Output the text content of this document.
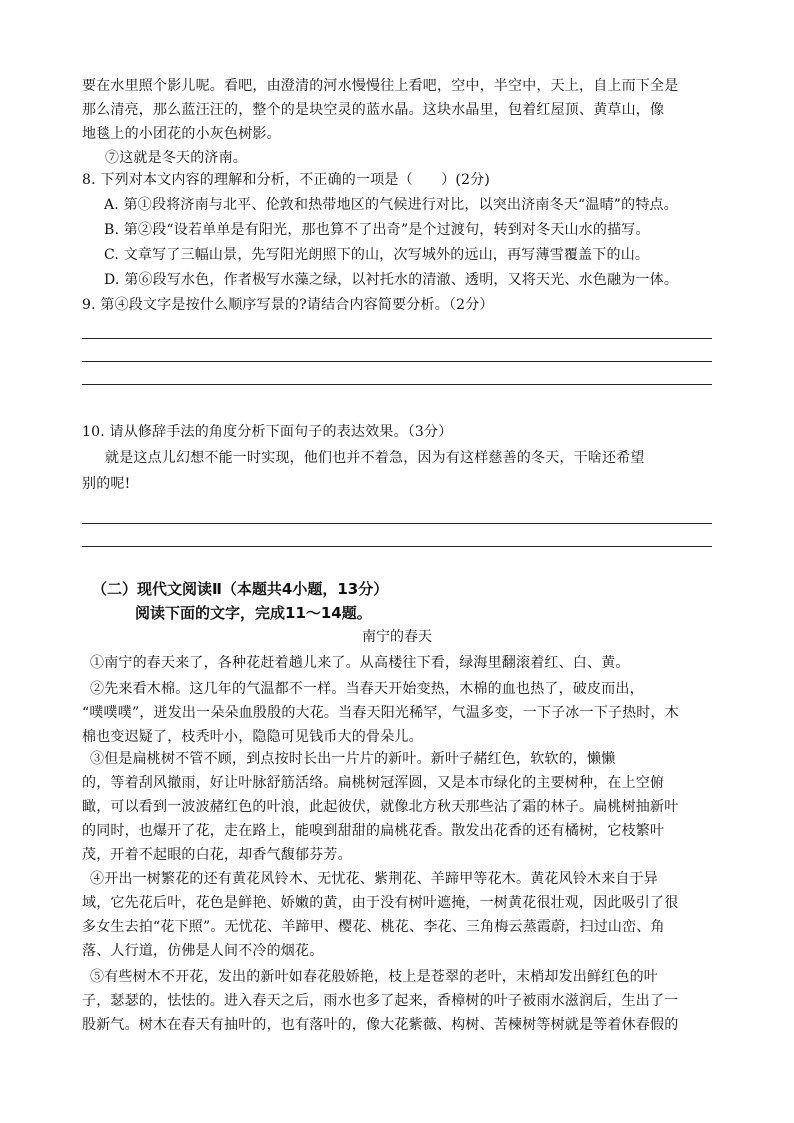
要在水里照个影儿呢。看吧，由澄清的河水慢慢往上看吧，空中，半空中，天上，自上而下全是
那么清亮，那么蓝汪汪的，整个的是块空灵的蓝水晶。这块水晶里，包着红屋顶、黄草山，像
地毯上的小团花的小灰色树影。
⑦这就是冬天的济南。
8. 下列对本文内容的理解和分析，不正确的一项是（　　）(2分)
A. 第①段将济南与北平、伦敦和热带地区的气候进行对比，以突出济南冬天“温晴”的特点。
B. 第②段“设若单单是有阳光，那也算不了出奇”是个过渡句，转到对冬天山水的描写。
C. 文章写了三幅山景，先写阳光朗照下的山，次写城外的远山，再写薄雪覆盖下的山。
D. 第⑥段写水色，作者极写水藻之绿，以衬托水的清澈、透明，又将天光、水色融为一体。
9. 第④段文字是按什么顺序写景的?请结合内容简要分析。（2分）
10. 请从修辞手法的角度分析下面句子的表达效果。（3分）
就是这点儿幻想不能一时实现，他们也并不着急，因为有这样慈善的冬天，干啥还希望
别的呢!
（二）现代文阅读Ⅱ（本题共4小题，13分）
阅读下面的文字，完成11～14题。
南宁的春天
①南宁的春天来了，各种花赶着趟儿来了。从高楼往下看，绿海里翻滚着红、白、黄。
②先来看木棉。这几年的气温都不一样。当春天开始变热，木棉的血也热了，破皮而出，
“噗噗噗”，迸发出一朵朵血殷殷的大花。当春天阳光稀罕，气温多变，一下子冰一下子热时，木
棉也变迟疑了，枝秃叶小，隐隐可见钱币大的骨朵儿。
③但是扁桃树不管不顾，到点按时长出一片片的新叶。新叶子赭红色，软软的，懒懒
的，等着刮风撤雨，好让叶脉舒筋活络。扁桃树冠浑圆，又是本市绿化的主要树种，在上空俯
瞰，可以看到一波波赭红色的叶浪，此起彼伏，就像北方秋天那些沾了霜的林子。扁桃树抽新叶
的同时，也爆开了花，走在路上，能嗅到甜甜的扁桃花香。散发出花香的还有橘树，它枝繁叶
茂，开着不起眼的白花，却香气馥郁芬芳。
④开出一树繁花的还有黄花风铃木、无忧花、紫荆花、羊蹄甲等花木。黄花风铃木来自于异
域，它先花后叶，花色是鲜艳、娇嫩的黄，由于没有树叶遮掩，一树黄花很壮观，因此吸引了很
多女生去拍“花下照”。无忧花、羊蹄甲、樱花、桃花、李花、三角梅云蒸霞蔚，扫过山峦、角
落、人行道，仿佛是人间不冷的烟花。
⑤有些树木不开花，发出的新叶如春花般娇艳，枝上是苍翠的老叶，末梢却发出鲜红色的叶
子，瑟瑟的，怯怯的。进入春天之后，雨水也多了起来，香樟树的叶子被雨水滋润后，生出了一
股新气。树木在春天有抽叶的，也有落叶的，像大花紫薇、构树、苦楝树等树就是等着休春假的
